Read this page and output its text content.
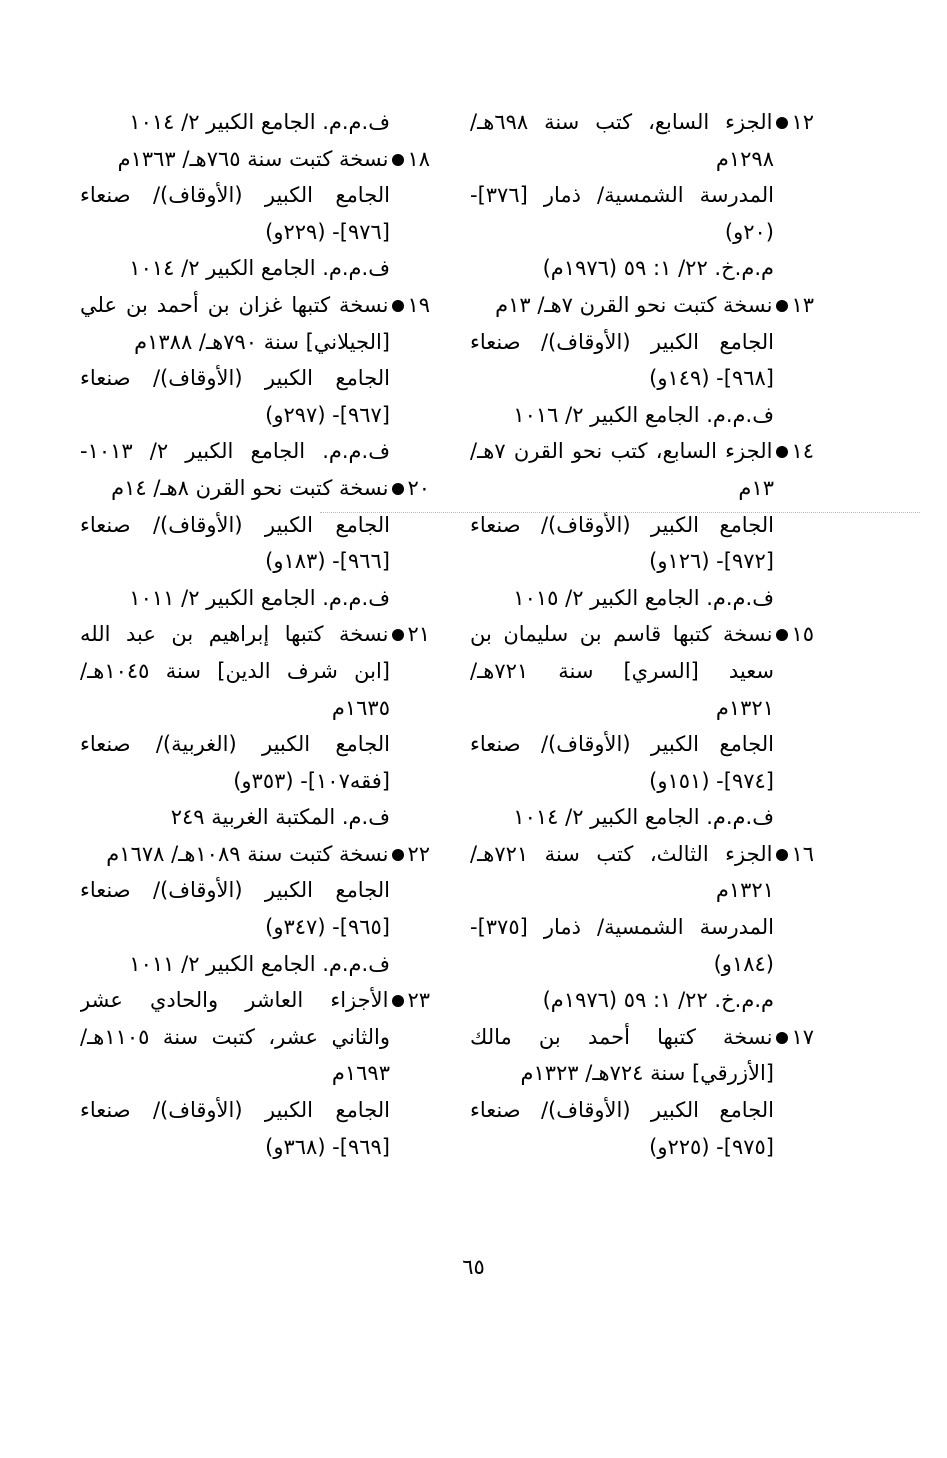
١٢الجزء السابع، كتب سنة ٦٩٨هـ/
١٢٩٨م
المدرسة الشمسية/ ذمار [٣٧٦]-
(٢٠و)
م.م.خ. ٢٢/ ١: ٥٩ (١٩٧٦م)
١٣نسخة كتبت نحو القرن ٧هـ/ ١٣م
الجامع الكبير (الأوقاف)/ صنعاء
[٩٦٨]- (١٤٩و)
ف.م.م. الجامع الكبير ٢/ ١٠١٦
١٤الجزء السابع، كتب نحو القرن ٧هـ/
١٣م
الجامع الكبير (الأوقاف)/ صنعاء
[٩٧٢]- (١٢٦و)
ف.م.م. الجامع الكبير ٢/ ١٠١٥
١٥نسخة كتبها قاسم بن سليمان بن
سعيد [السري] سنة ٧٢١هـ/
١٣٢١م
الجامع الكبير (الأوقاف)/ صنعاء
[٩٧٤]- (١٥١و)
ف.م.م. الجامع الكبير ٢/ ١٠١٤
١٦الجزء الثالث، كتب سنة ٧٢١هـ/
١٣٢١م
المدرسة الشمسية/ ذمار [٣٧٥]-
(١٨٤و)
م.م.خ. ٢٢/ ١: ٥٩ (١٩٧٦م)
١٧نسخة كتبها أحمد بن مالك
[الأزرقي] سنة ٧٢٤هـ/ ١٣٢٣م
الجامع الكبير (الأوقاف)/ صنعاء
[٩٧٥]- (٢٢٥و)
ف.م.م. الجامع الكبير ٢/ ١٠١٤
١٨نسخة كتبت سنة ٧٦٥هـ/ ١٣٦٣م
الجامع الكبير (الأوقاف)/ صنعاء
[٩٧٦]- (٢٢٩و)
ف.م.م. الجامع الكبير ٢/ ١٠١٤
١٩نسخة كتبها غزان بن أحمد بن علي
[الجيلاني] سنة ٧٩٠هـ/ ١٣٨٨م
الجامع الكبير (الأوقاف)/ صنعاء
[٩٦٧]- (٢٩٧و)
ف.م.م. الجامع الكبير ٢/ ١٠١٣-
٢٠نسخة كتبت نحو القرن ٨هـ/ ١٤م
الجامع الكبير (الأوقاف)/ صنعاء
[٩٦٦]- (١٨٣و)
ف.م.م. الجامع الكبير ٢/ ١٠١١
٢١نسخة كتبها إبراهيم بن عبد الله
[ابن شرف الدين] سنة ١٠٤٥هـ/
١٦٣٥م
الجامع الكبير (الغربية)/ صنعاء
[فقه١٠٧]- (٣٥٣و)
ف.م. المكتبة الغربية ٢٤٩
٢٢نسخة كتبت سنة ١٠٨٩هـ/ ١٦٧٨م
الجامع الكبير (الأوقاف)/ صنعاء
[٩٦٥]- (٣٤٧و)
ف.م.م. الجامع الكبير ٢/ ١٠١١
٢٣الأجزاء العاشر والحادي عشر
والثاني عشر، كتبت سنة ١١٠٥هـ/
١٦٩٣م
الجامع الكبير (الأوقاف)/ صنعاء
[٩٦٩]- (٣٦٨و)
٦٥
